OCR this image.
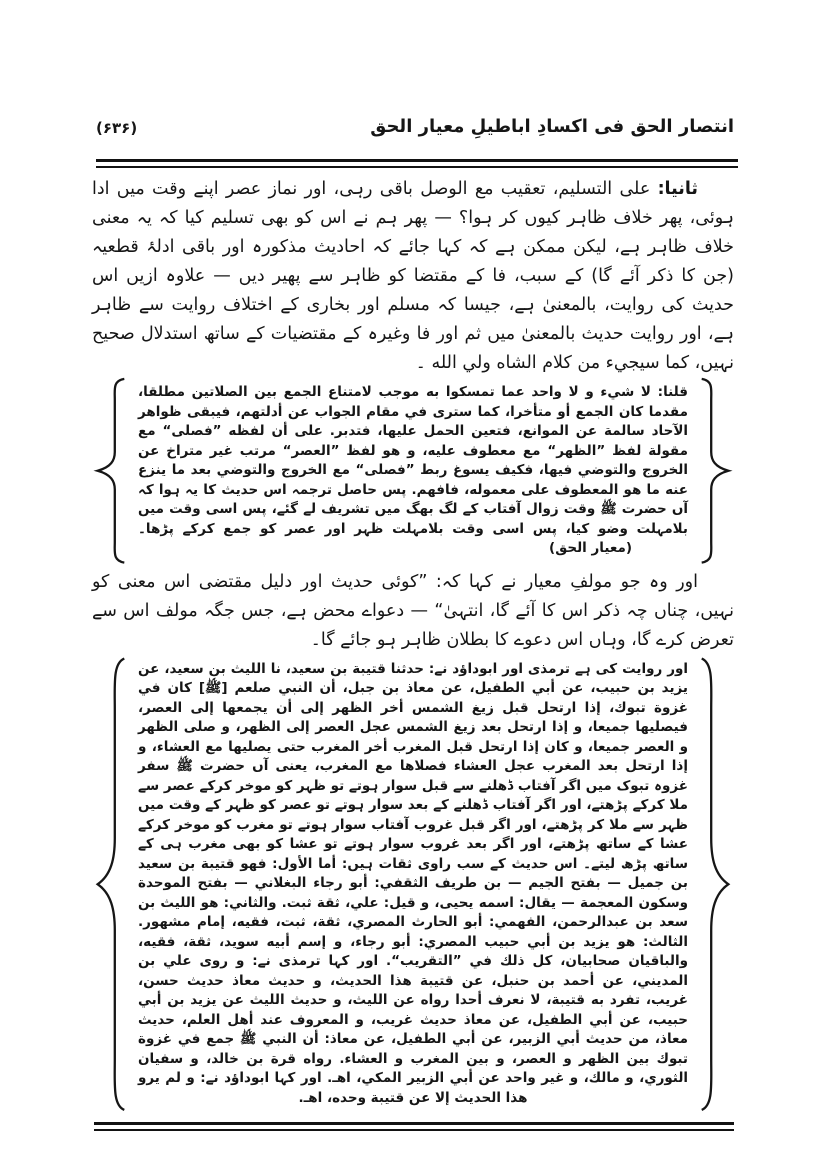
(۶۳۶)	انتصار الحق فی اکسادِ اباطیلِ معیار الحق

ثانیا: علی التسلیم، تعقیب مع الوصل باقی رہی، اور نماز عصر اپنے وقت میں ادا ہوئی، پھر خلاف ظاہر کیوں کر ہوا؟ — پھر ہم نے اس کو بھی تسلیم کیا کہ یہ معنی خلاف ظاہر ہے، لیکن ممکن ہے کہ کہا جائے کہ احادیث مذکورہ اور باقی ادلۂ قطعیہ (جن کا ذکر آئے گا) کے سبب، فا کے مقتضا کو ظاہر سے پھیر دیں — علاوہ ازیں اس حدیث کی روایت، بالمعنیٰ ہے، جیسا کہ مسلم اور بخاری کے اختلاف روایت سے ظاہر ہے، اور روایت حدیث بالمعنیٰ میں ثم اور فا وغیرہ کے مقتضیات کے ساتھ استدلال صحیح نہیں، كما سيجيء من كلام الشاه ولي الله ۔

قلنا: لا شيء و لا واحد عما تمسكوا به موجب لامتناع الجمع بين الصلاتين مطلقا، مقدما كان الجمع أو متأخرا، كما سترى في مقام الجواب عن أدلتهم، فيبقى ظواهر الآحاد سالمة عن الموانع، فتعين الحمل عليها، فتدبر. على أن لفظه ”فصلى“ مع مقولة لفظ ”الظهر“ مع معطوف عليه، و هو لفظ ”العصر“ مرتب غير متراخ عن الخروج والتوضي فيها، فكيف يسوغ ربط ”فصلى“ مع الخروج والتوضي بعد ما ينزع عنه ما هو المعطوف على معموله، فافهم. پس حاصل ترجمہ اس حدیث کا یہ ہوا کہ آں حضرت ﷺ وقت زوال آفتاب کے لگ بھگ میں تشریف لے گئے، پس اسی وقت میں بلامہلت وضو کیا، پس اسی وقت بلامہلت ظہر اور عصر کو جمع کرکے پڑھا۔ (معیار الحق)

اور وہ جو مولفِ معیار نے کہا کہ: ”کوئی حدیث اور دلیل مقتضی اس معنی کو نہیں، چناں چہ ذکر اس کا آئے گا، انتہیٰ“ — دعواے محض ہے، جس جگہ مولف اس سے تعرض کرے گا، وہاں اس دعوے کا بطلان ظاہر ہو جائے گا۔

اور روایت کی ہے ترمذی اور ابوداؤد نے: حدثنا قتيبة بن سعيد، نا الليث بن سعيد، عن يزيد بن حبيب، عن أبي الطفيل، عن معاذ بن جبل، أن النبي صلعم [ﷺ] كان في غزوة تبوك، إذا ارتحل قبل زيغ الشمس أخر الظهر إلى أن يجمعها إلى العصر، فيصليها جميعا، و إذا ارتحل بعد زيغ الشمس عجل العصر إلى الظهر، و صلى الظهر و العصر جميعا، و كان إذا ارتحل قبل المغرب أخر المغرب حتى يصليها مع العشاء، و إذا ارتحل بعد المغرب عجل العشاء فصلاها مع المغرب، یعنی آں حضرت ﷺ سفر غزوہ تبوک میں اگر آفتاب ڈھلنے سے قبل سوار ہوتے تو ظہر کو موخر کرکے عصر سے ملا کرکے پڑھتے، اور اگر آفتاب ڈھلنے کے بعد سوار ہوتے تو عصر کو ظہر کے وقت میں ظہر سے ملا کر پڑھتے، اور اگر قبل غروب آفتاب سوار ہوتے تو مغرب کو موخر کرکے عشا کے ساتھ پڑھتے، اور اگر بعد غروب سوار ہوتے تو عشا کو بھی مغرب ہی کے ساتھ پڑھ لیتے۔ اس حدیث کے سب راوی ثقات ہیں: أما الأول: فهو قتيبة بن سعيد بن جميل — بفتح الجيم — بن طريف الثقفي: أبو رجاء البغلاني — بفتح الموحدة وسكون المعجمة — يقال: اسمه يحيى، و قيل: علي، ثقة ثبت. والثاني: هو الليث بن سعد بن عبدالرحمن، الفهمي: أبو الحارث المصري، ثقة، ثبت، فقيه، إمام مشهور. الثالث: هو يزيد بن أبي حبيب المصري: أبو رجاء، و إسم أبيه سويد، ثقة، فقيه، والباقيان صحابيان، كل ذلك في ”التقريب“. اور کہا ترمذی نے: و روى علي بن المديني، عن أحمد بن حنبل، عن قتيبة هذا الحديث، و حديث معاذ حديث حسن، غريب، تفرد به قتيبة، لا نعرف أحدا رواه عن الليث، و حديث الليث عن يزيد بن أبي حبيب، عن أبي الطفيل، عن معاذ حديث غريب، و المعروف عند أهل العلم، حديث معاذ، من حديث أبي الزبير، عن أبي الطفيل، عن معاذ: أن النبي ﷺ جمع في غزوة تبوك بين الظهر و العصر، و بين المغرب و العشاء. رواه قرة بن خالد، و سفيان الثوري، و مالك، و غير واحد عن أبي الزبير المكي، اهـ. اور کہا ابوداؤد نے: و لم يرو هذا الحديث إلا عن قتيبة وحده، اهـ.
